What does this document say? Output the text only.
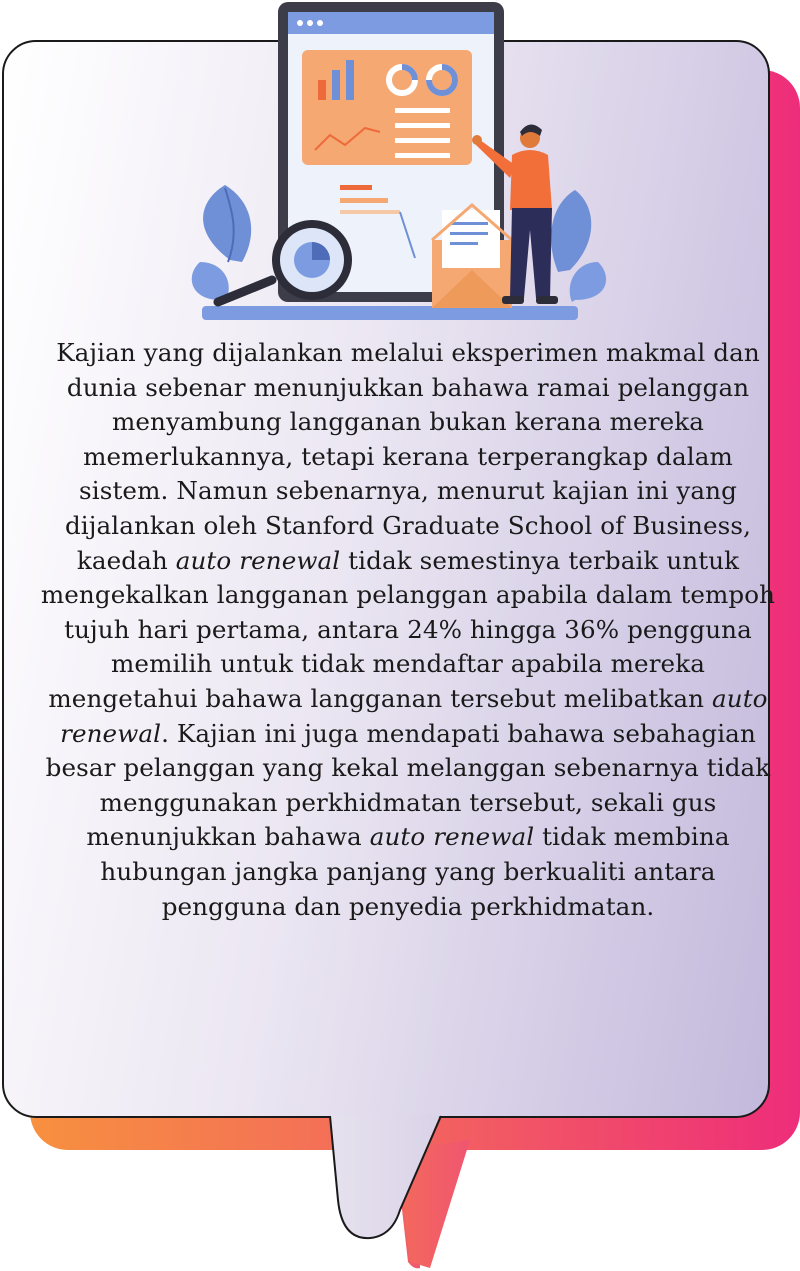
Kajian yang dijalankan melalui eksperimen makmal dan dunia sebenar menunjukkan bahawa ramai pelanggan menyambung langganan bukan kerana mereka memerlukannya, tetapi kerana terperangkap dalam sistem. Namun sebenarnya, menurut kajian ini yang dijalankan oleh Stanford Graduate School of Business, kaedah auto renewal tidak semestinya terbaik untuk mengekalkan langganan pelanggan apabila dalam tempoh tujuh hari pertama, antara 24% hingga 36% pengguna memilih untuk tidak mendaftar apabila mereka mengetahui bahawa langganan tersebut melibatkan auto renewal. Kajian ini juga mendapati bahawa sebahagian besar pelanggan yang kekal melanggan sebenarnya tidak menggunakan perkhidmatan tersebut, sekali gus menunjukkan bahawa auto renewal tidak membina hubungan jangka panjang yang berkualiti antara pengguna dan penyedia perkhidmatan.
